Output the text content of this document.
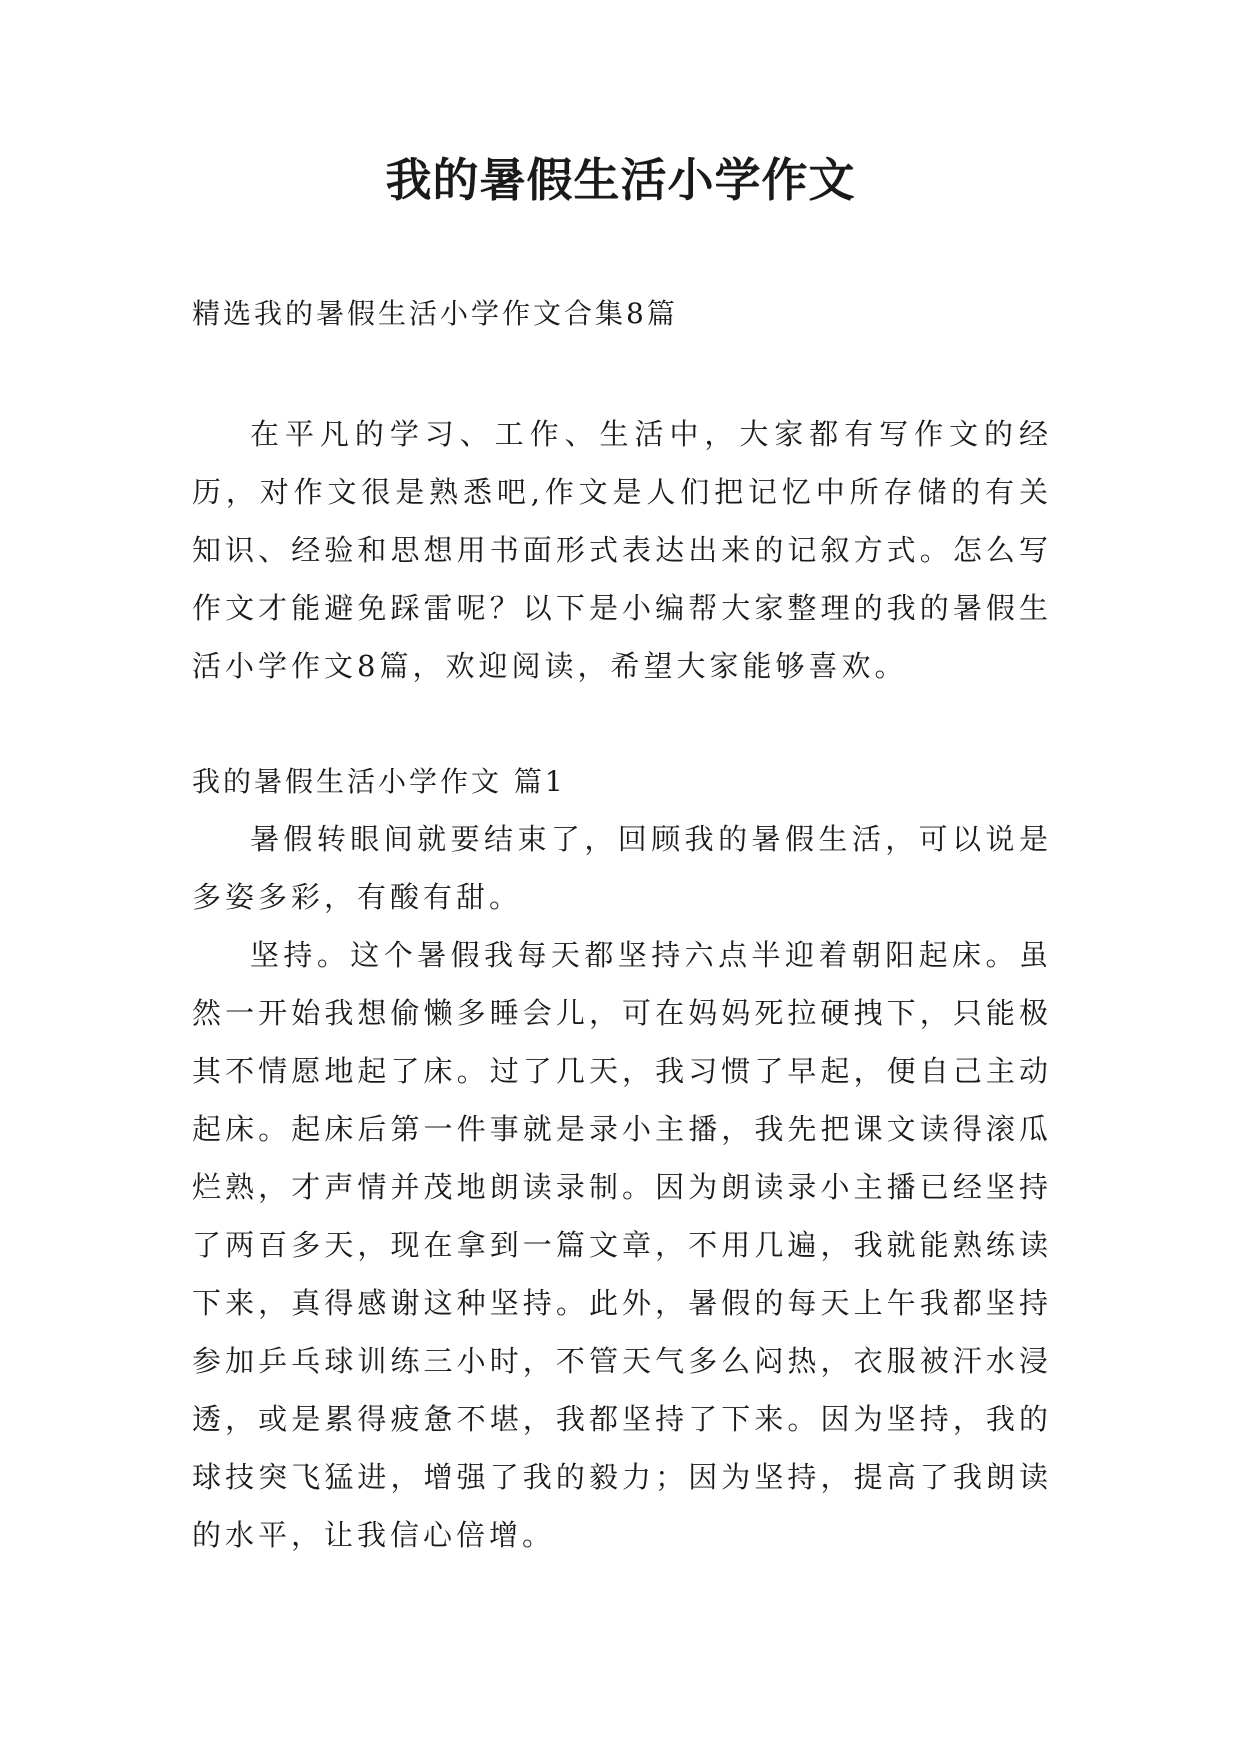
我的暑假生活小学作文
精选我的暑假生活小学作文合集8篇

在平凡的学习、工作、生活中，大家都有写作文的经历，对作文很是熟悉吧,作文是人们把记忆中所存储的有关知识、经验和思想用书面形式表达出来的记叙方式。怎么写作文才能避免踩雷呢？以下是小编帮大家整理的我的暑假生活小学作文8篇，欢迎阅读，希望大家能够喜欢。

我的暑假生活小学作文 篇1

暑假转眼间就要结束了，回顾我的暑假生活，可以说是多姿多彩，有酸有甜。

坚持。这个暑假我每天都坚持六点半迎着朝阳起床。虽然一开始我想偷懒多睡会儿，可在妈妈死拉硬拽下，只能极其不情愿地起了床。过了几天，我习惯了早起，便自己主动起床。起床后第一件事就是录小主播，我先把课文读得滚瓜烂熟，才声情并茂地朗读录制。因为朗读录小主播已经坚持了两百多天，现在拿到一篇文章，不用几遍，我就能熟练读下来，真得感谢这种坚持。此外，暑假的每天上午我都坚持参加乒乓球训练三小时，不管天气多么闷热，衣服被汗水浸透，或是累得疲惫不堪，我都坚持了下来。因为坚持，我的球技突飞猛进，增强了我的毅力；因为坚持，提高了我朗读的水平，让我信心倍增。
